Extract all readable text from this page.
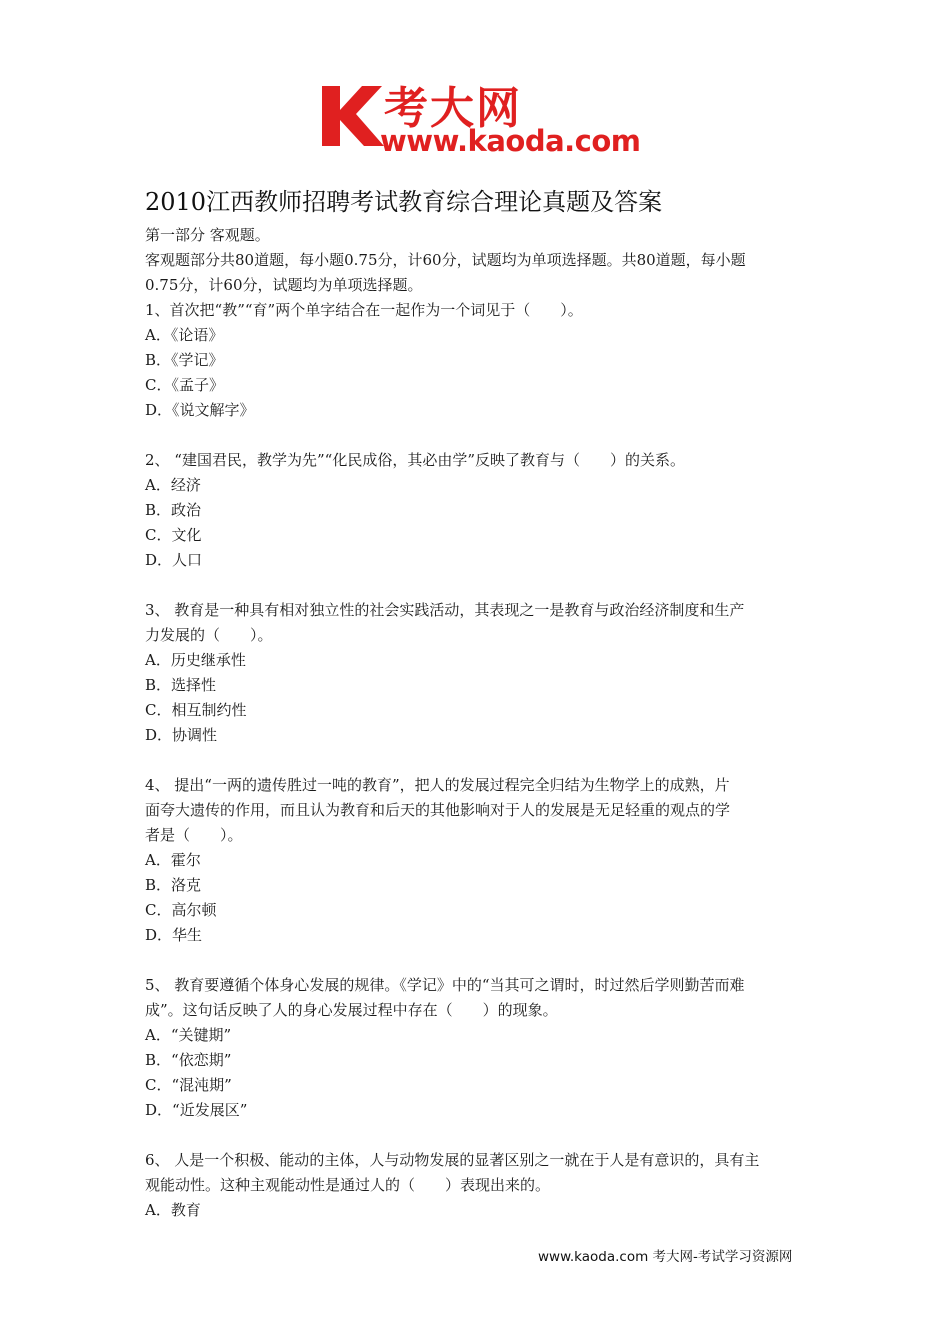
考大网
www.kaoda.com
2010江西教师招聘考试教育综合理论真题及答案
第一部分 客观题。
客观题部分共80道题，每小题0.75分，计60分，试题均为单项选择题。共80道题，每小题
0.75分，计60分，试题均为单项选择题。
1、首次把“教”“育”两个单字结合在一起作为一个词见于（　　）。
A．《论语》
B．《学记》
C．《孟子》
D．《说文解字》
2、 “建国君民，教学为先”“化民成俗，其必由学”反映了教育与（　　）的关系。
A．经济
B．政治
C．文化
D．人口
3、 教育是一种具有相对独立性的社会实践活动，其表现之一是教育与政治经济制度和生产
力发展的（　　）。
A．历史继承性
B．选择性
C．相互制约性
D．协调性
4、 提出“一两的遗传胜过一吨的教育”，把人的发展过程完全归结为生物学上的成熟，片
面夸大遗传的作用，而且认为教育和后天的其他影响对于人的发展是无足轻重的观点的学
者是（　　）。
A．霍尔
B．洛克
C．高尔顿
D．华生
5、 教育要遵循个体身心发展的规律。《学记》中的“当其可之谓时，时过然后学则勤苦而难
成”。这句话反映了人的身心发展过程中存在（　　）的现象。
A．“关键期”
B．“依恋期”
C．“混沌期”
D．“近发展区”
6、 人是一个积极、能动的主体，人与动物发展的显著区别之一就在于人是有意识的，具有主
观能动性。这种主观能动性是通过人的（　　）表现出来的。
A．教育
www.kaoda.com 考大网-考试学习资源网
